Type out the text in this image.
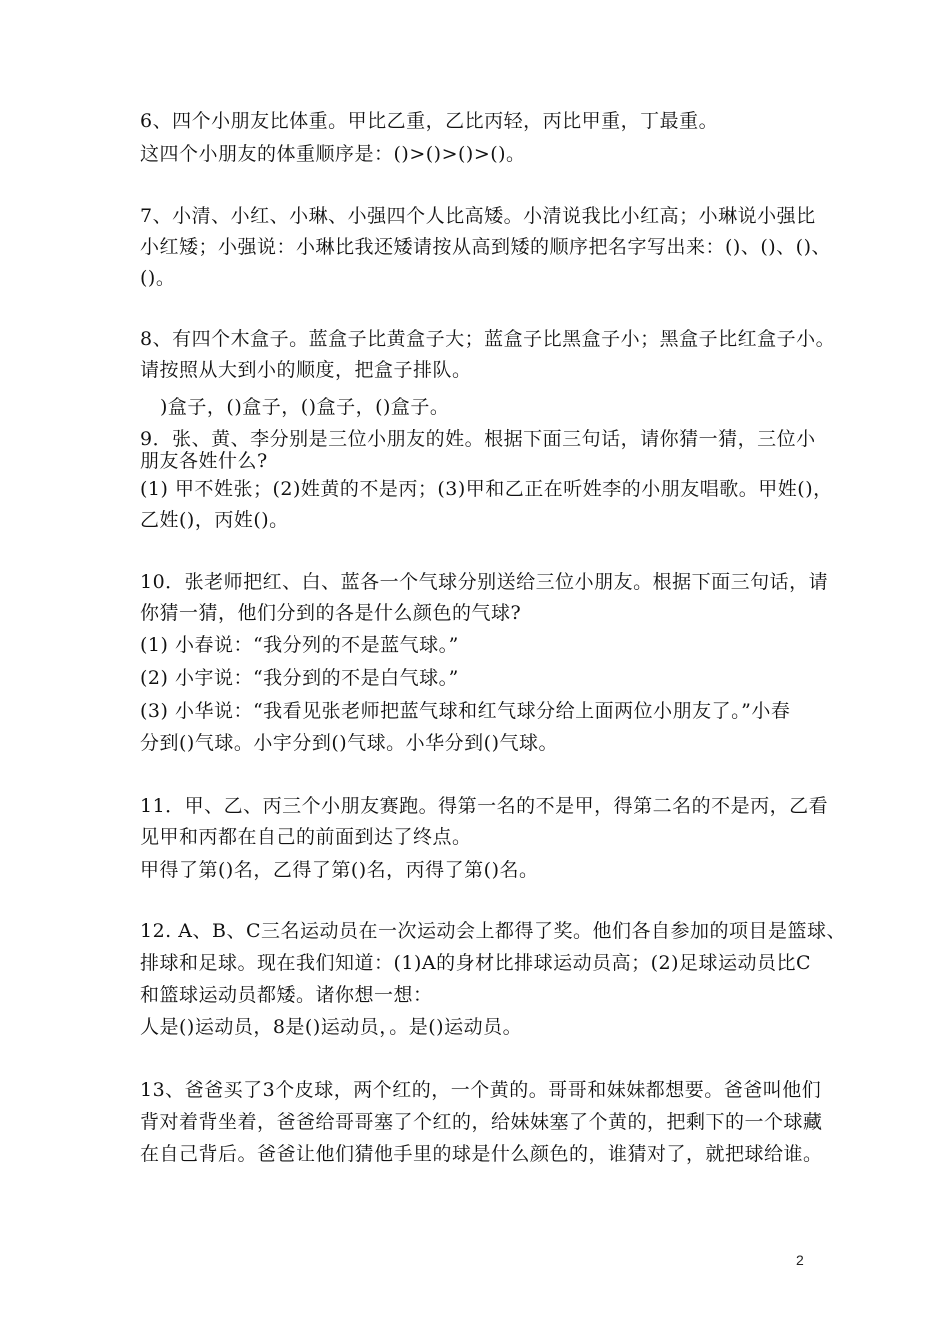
6、四个小朋友比体重。甲比乙重，乙比丙轻，丙比甲重，丁最重。
这四个小朋友的体重顺序是：()>()>()>()。
7、小清、小红、小琳、小强四个人比高矮。小清说我比小红高；小琳说小强比
小红矮；小强说：小琳比我还矮请按从高到矮的顺序把名字写出来：()、()、()、
()。
8、有四个木盒子。蓝盒子比黄盒子大；蓝盒子比黑盒子小；黑盒子比红盒子小。
请按照从大到小的顺度，把盒子排队。
)盒子，()盒子，()盒子，()盒子。
9．张、黄、李分别是三位小朋友的姓。根据下面三句话，请你猜一猜，三位小
朋友各姓什么?
(1) 甲不姓张；(2)姓黄的不是丙；(3)甲和乙正在听姓李的小朋友唱歌。甲姓()，
乙姓()，丙姓()。
10．张老师把红、白、蓝各一个气球分别送给三位小朋友。根据下面三句话，请
你猜一猜，他们分到的各是什么颜色的气球?
(1) 小春说：“我分列的不是蓝气球。”
(2) 小宇说：“我分到的不是白气球。”
(3) 小华说：“我看见张老师把蓝气球和红气球分给上面两位小朋友了。”小春
分到()气球。小宇分到()气球。小华分到()气球。
11．甲、乙、丙三个小朋友赛跑。得第一名的不是甲，得第二名的不是丙，乙看
见甲和丙都在自己的前面到达了终点。
甲得了第()名，乙得了第()名，丙得了第()名。
12. A、B、C三名运动员在一次运动会上都得了奖。他们各自参加的项目是篮球、
排球和足球。现在我们知道：(1)A的身材比排球运动员高；(2)足球运动员比C
和篮球运动员都矮。诸你想一想：
人是()运动员，8是()运动员，。是()运动员。
13、爸爸买了3个皮球，两个红的，一个黄的。哥哥和妹妹都想要。爸爸叫他们
背对着背坐着，爸爸给哥哥塞了个红的，给妹妹塞了个黄的，把剩下的一个球藏
在自己背后。爸爸让他们猜他手里的球是什么颜色的，谁猜对了，就把球给谁。
2
